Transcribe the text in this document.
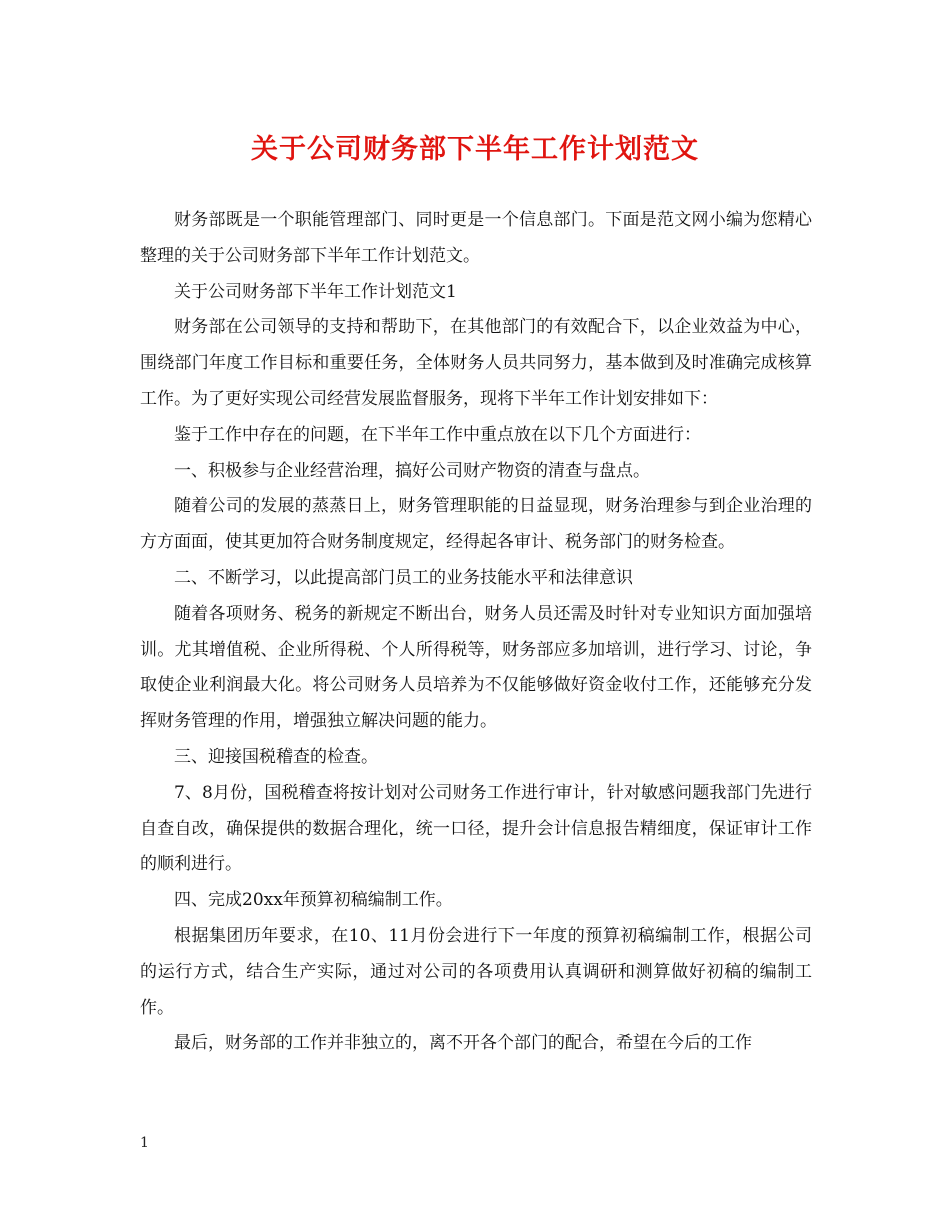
关于公司财务部下半年工作计划范文

财务部既是一个职能管理部门、同时更是一个信息部门。下面是范文网小编为您精心整理的关于公司财务部下半年工作计划范文。

关于公司财务部下半年工作计划范文1

财务部在公司领导的支持和帮助下，在其他部门的有效配合下，以企业效益为中心，围绕部门年度工作目标和重要任务，全体财务人员共同努力，基本做到及时准确完成核算工作。为了更好实现公司经营发展监督服务，现将下半年工作计划安排如下：

鉴于工作中存在的问题，在下半年工作中重点放在以下几个方面进行：

一、积极参与企业经营治理，搞好公司财产物资的清查与盘点。

随着公司的发展的蒸蒸日上，财务管理职能的日益显现，财务治理参与到企业治理的方方面面，使其更加符合财务制度规定，经得起各审计、税务部门的财务检查。

二、不断学习，以此提高部门员工的业务技能水平和法律意识

随着各项财务、税务的新规定不断出台，财务人员还需及时针对专业知识方面加强培训。尤其增值税、企业所得税、个人所得税等，财务部应多加培训，进行学习、讨论，争取使企业利润最大化。将公司财务人员培养为不仅能够做好资金收付工作，还能够充分发挥财务管理的作用，增强独立解决问题的能力。

三、迎接国税稽查的检查。

7、8月份，国税稽查将按计划对公司财务工作进行审计，针对敏感问题我部门先进行自查自改，确保提供的数据合理化，统一口径，提升会计信息报告精细度，保证审计工作的顺利进行。

四、完成20xx年预算初稿编制工作。

根据集团历年要求，在10、11月份会进行下一年度的预算初稿编制工作，根据公司的运行方式，结合生产实际，通过对公司的各项费用认真调研和测算做好初稿的编制工作。

最后，财务部的工作并非独立的，离不开各个部门的配合，希望在今后的工作

1
